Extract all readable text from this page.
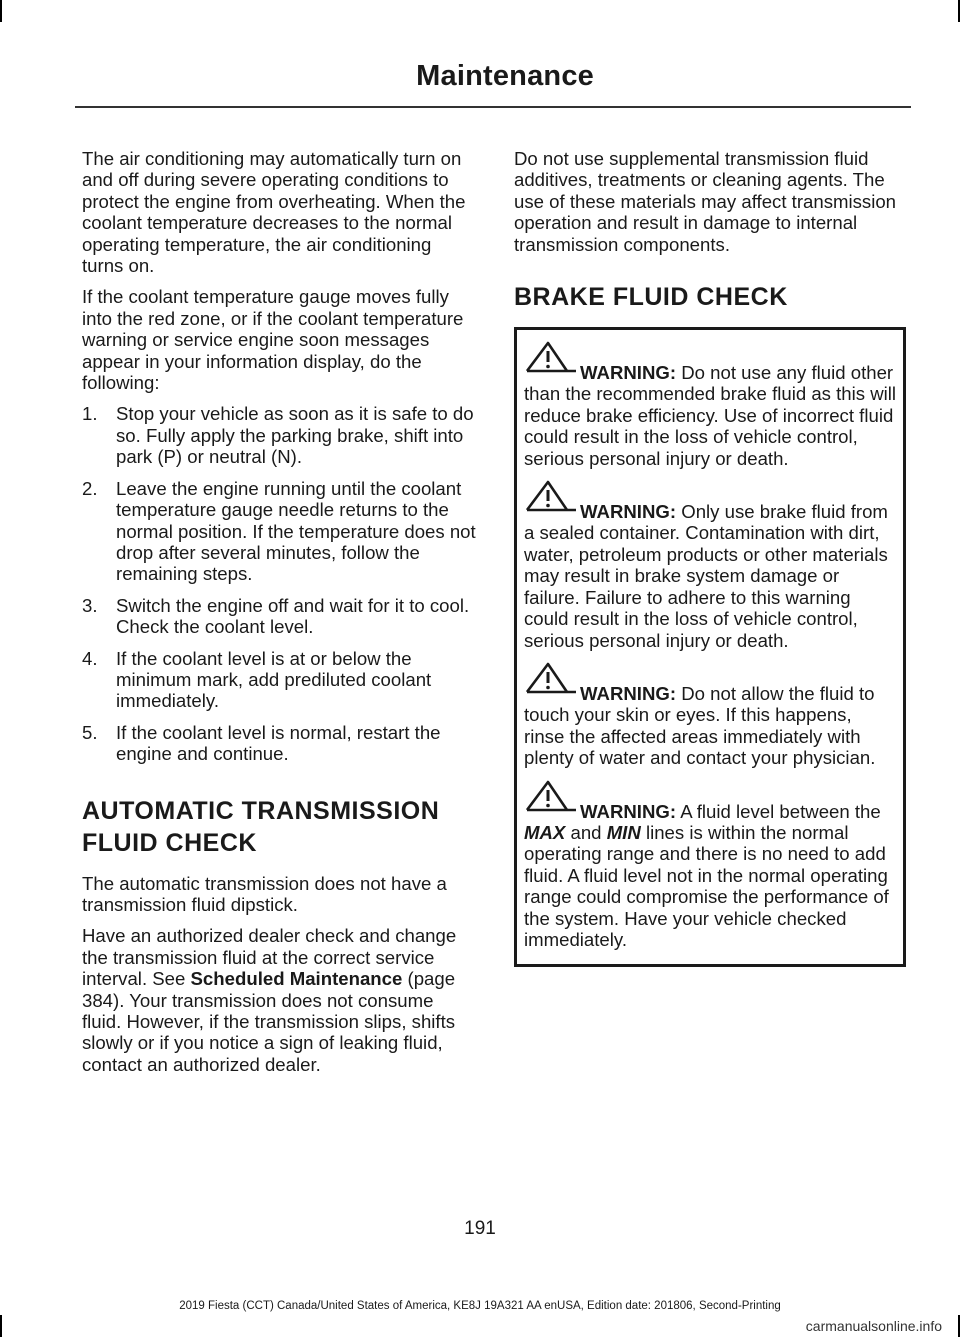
Maintenance

The air conditioning may automatically turn on and off during severe operating conditions to protect the engine from overheating. When the coolant temperature decreases to the normal operating temperature, the air conditioning turns on.

If the coolant temperature gauge moves fully into the red zone, or if the coolant temperature warning or service engine soon messages appear in your information display, do the following:

1. Stop your vehicle as soon as it is safe to do so. Fully apply the parking brake, shift into park (P) or neutral (N).
2. Leave the engine running until the coolant temperature gauge needle returns to the normal position. If the temperature does not drop after several minutes, follow the remaining steps.
3. Switch the engine off and wait for it to cool. Check the coolant level.
4. If the coolant level is at or below the minimum mark, add prediluted coolant immediately.
5. If the coolant level is normal, restart the engine and continue.
AUTOMATIC TRANSMISSION
FLUID CHECK

The automatic transmission does not have a transmission fluid dipstick.

Have an authorized dealer check and change the transmission fluid at the correct service interval. See Scheduled Maintenance (page 384). Your transmission does not consume fluid. However, if the transmission slips, shifts slowly or if you notice a sign of leaking fluid, contact an authorized dealer.

Do not use supplemental transmission fluid additives, treatments or cleaning agents. The use of these materials may affect transmission operation and result in damage to internal transmission components.

BRAKE FLUID CHECK
WARNING: Do not use any fluid other than the recommended brake fluid as this will reduce brake efficiency. Use of incorrect fluid could result in the loss of vehicle control, serious personal injury or death.
WARNING: Only use brake fluid from a sealed container. Contamination with dirt, water, petroleum products or other materials may result in brake system damage or failure. Failure to adhere to this warning could result in the loss of vehicle control, serious personal injury or death.
WARNING: Do not allow the fluid to touch your skin or eyes. If this happens, rinse the affected areas immediately with plenty of water and contact your physician.
WARNING: A fluid level between the MAX and MIN lines is within the normal operating range and there is no need to add fluid. A fluid level not in the normal operating range could compromise the performance of the system. Have your vehicle checked immediately.
191
2019 Fiesta (CCT) Canada/United States of America, KE8J 19A321 AA enUSA, Edition date: 201806, Second-Printing
carmanualsonline.info
